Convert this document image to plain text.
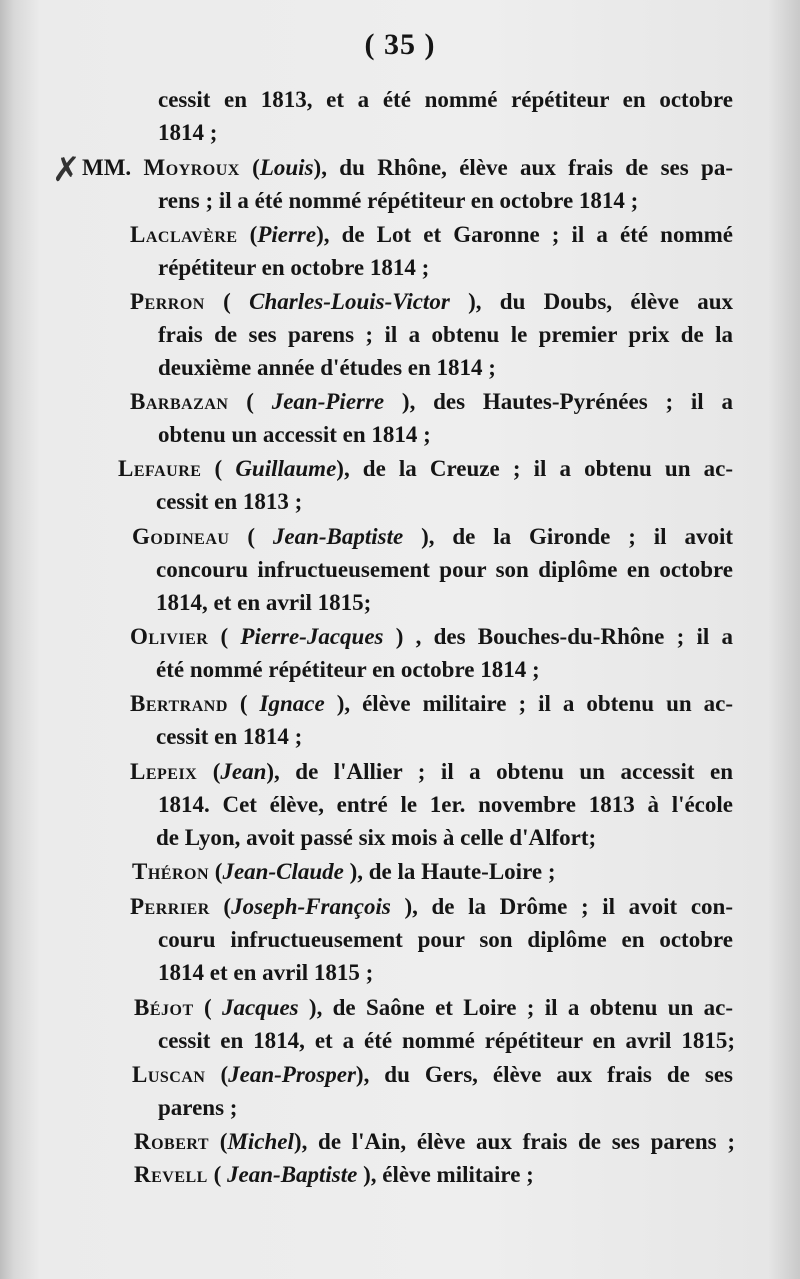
( 35 )
✗
cessit en 1813, et a été nommé répétiteur en octobre
1814 ;
MM. Moyroux (Louis), du Rhône, élève aux frais de ses pa-
rens ; il a été nommé répétiteur en octobre 1814 ;
Laclavère (Pierre), de Lot et Garonne ; il a été nommé
répétiteur en octobre 1814 ;
Perron ( Charles-Louis-Victor ), du Doubs, élève aux
frais de ses parens ; il a obtenu le premier prix de la
deuxième année d'études en 1814 ;
Barbazan ( Jean-Pierre ), des Hautes-Pyrénées ; il a
obtenu un accessit en 1814 ;
Lefaure ( Guillaume), de la Creuze ; il a obtenu un ac-
cessit en 1813 ;
Godineau ( Jean-Baptiste ), de la Gironde ; il avoit
concouru infructueusement pour son diplôme en octobre
1814, et en avril 1815;
Olivier ( Pierre-Jacques ) , des Bouches-du-Rhône ; il a
été nommé répétiteur en octobre 1814 ;
Bertrand ( Ignace ), élève militaire ; il a obtenu un ac-
cessit en 1814 ;
Lepeix (Jean), de l'Allier ; il a obtenu un accessit en
1814. Cet élève, entré le 1er. novembre 1813 à l'école
de Lyon, avoit passé six mois à celle d'Alfort;
Théron (Jean-Claude ), de la Haute-Loire ;
Perrier (Joseph-François ), de la Drôme ; il avoit con-
couru infructueusement pour son diplôme en octobre
1814 et en avril 1815 ;
Béjot ( Jacques ), de Saône et Loire ; il a obtenu un ac-
cessit en 1814, et a été nommé répétiteur en avril 1815;
Luscan (Jean-Prosper), du Gers, élève aux frais de ses
parens ;
Robert (Michel), de l'Ain, élève aux frais de ses parens ;
Revell ( Jean-Baptiste ), élève militaire ;
